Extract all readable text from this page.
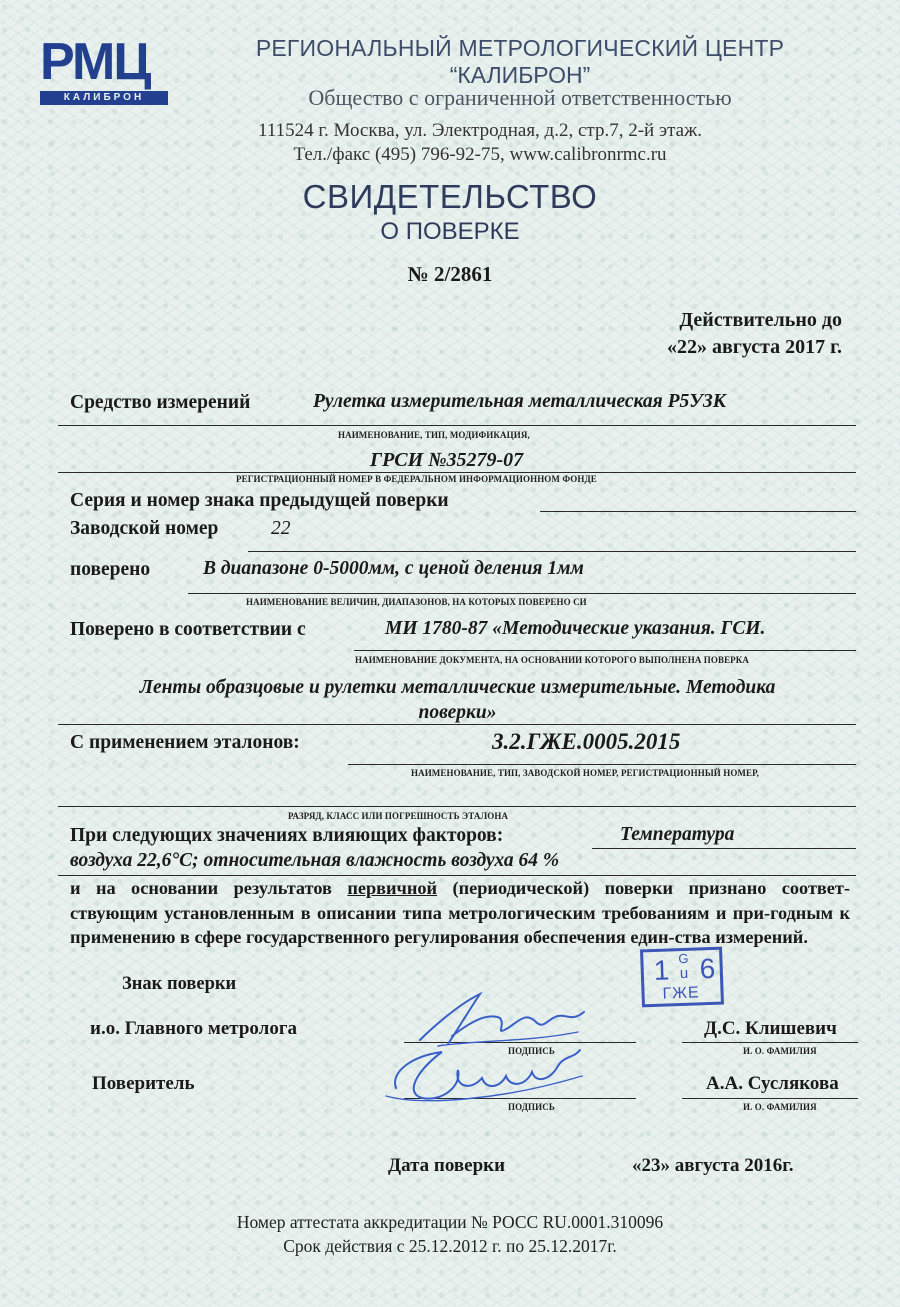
РМЦ
КАЛИБРОН
РЕГИОНАЛЬНЫЙ МЕТРОЛОГИЧЕСКИЙ ЦЕНТР
“КАЛИБРОН”
Общество с ограниченной ответственностью
111524 г. Москва, ул. Электродная, д.2, стр.7, 2-й этаж.
Тел./факс (495) 796-92-75, www.calibronrmc.ru
СВИДЕТЕЛЬСТВО
О ПОВЕРКЕ
№ 2/2861
Действительно до
«22» августа 2017 г.
Средство измерений	Рулетка измерительная металлическая Р5УЗК
НАИМЕНОВАНИЕ, ТИП, МОДИФИКАЦИЯ,
ГРСИ №35279-07
РЕГИСТРАЦИОННЫЙ НОМЕР В ФЕДЕРАЛЬНОМ ИНФОРМАЦИОННОМ ФОНДЕ
Серия и номер знака предыдущей поверки
Заводской номер	22
поверено	В диапазоне 0-5000мм, с ценой деления 1мм
НАИМЕНОВАНИЕ ВЕЛИЧИН, ДИАПАЗОНОВ, НА КОТОРЫХ ПОВЕРЕНО СИ
Поверено в соответствии с	МИ 1780-87 «Методические указания. ГСИ.
НАИМЕНОВАНИЕ ДОКУМЕНТА, НА ОСНОВАНИИ КОТОРОГО ВЫПОЛНЕНА ПОВЕРКА
Ленты образцовые и рулетки металлические измерительные. Методика
поверки»
С применением эталонов:	3.2.ГЖЕ.0005.2015
НАИМЕНОВАНИЕ, ТИП, ЗАВОДСКОЙ НОМЕР, РЕГИСТРАЦИОННЫЙ НОМЕР,
РАЗРЯД, КЛАСС ИЛИ ПОГРЕШНОСТЬ ЭТАЛОНА
При следующих значениях влияющих факторов:	Температура
воздуха 22,6°С; относительная влажность воздуха 64 %
и на основании результатов первичной (периодической) поверки признано соответ-ствующим установленным в описании типа метрологическим требованиям и при-годным к применению в сфере государственного регулирования обеспечения един-ства измерений.
Знак поверки	1 G
u 6
ГЖЕ
и.о. Главного метролога
ПОДПИСЬ
Д.С. Клишевич
И. О. ФАМИЛИЯ
Поверитель
ПОДПИСЬ
А.А. Суслякова
И. О. ФАМИЛИЯ
Дата поверки	«23» августа 2016г.
Номер аттестата аккредитации № РОСС RU.0001.310096
Срок действия с 25.12.2012 г. по 25.12.2017г.
